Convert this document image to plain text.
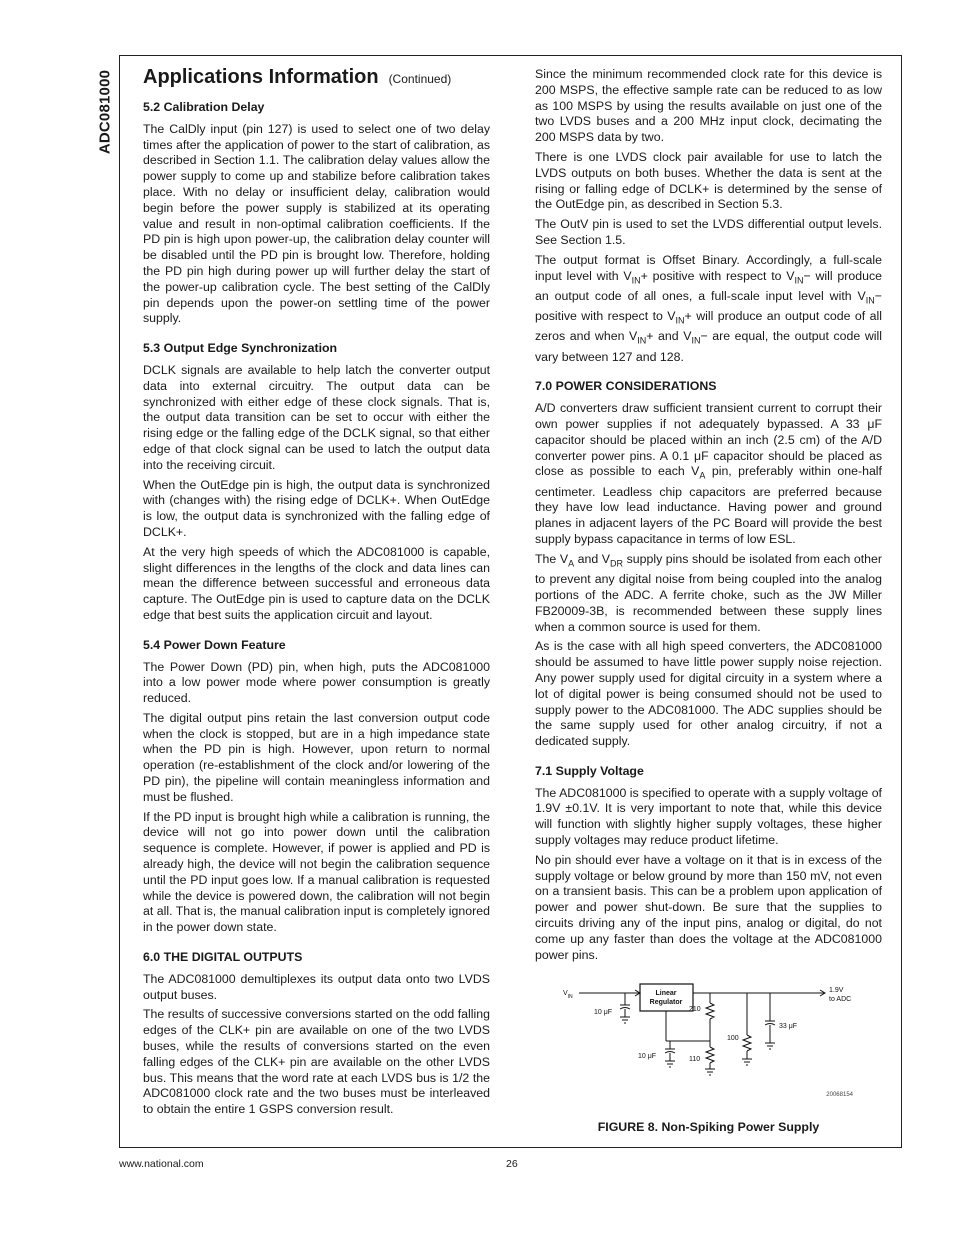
ADC081000 Applications Information (Continued)
5.2 Calibration Delay

The CalDly input (pin 127) is used to select one of two delay times after the application of power to the start of calibration, as described in Section 1.1. The calibration delay values allow the power supply to come up and stabilize before calibration takes place. With no delay or insufficient delay, calibration would begin before the power supply is stabilized at its operating value and result in non-optimal calibration coefficients. If the PD pin is high upon power-up, the calibration delay counter will be disabled until the PD pin is brought low. Therefore, holding the PD pin high during power up will further delay the start of the power-up calibration cycle. The best setting of the CalDly pin depends upon the power-on settling time of the power supply.

5.3 Output Edge Synchronization

DCLK signals are available to help latch the converter output data into external circuitry. The output data can be synchronized with either edge of these clock signals. That is, the output data transition can be set to occur with either the rising edge or the falling edge of the DCLK signal, so that either edge of that clock signal can be used to latch the output data into the receiving circuit.

When the OutEdge pin is high, the output data is synchronized with (changes with) the rising edge of DCLK+. When OutEdge is low, the output data is synchronized with the falling edge of DCLK+.

At the very high speeds of which the ADC081000 is capable, slight differences in the lengths of the clock and data lines can mean the difference between successful and erroneous data capture. The OutEdge pin is used to capture data on the DCLK edge that best suits the application circuit and layout.

5.4 Power Down Feature

The Power Down (PD) pin, when high, puts the ADC081000 into a low power mode where power consumption is greatly reduced.

The digital output pins retain the last conversion output code when the clock is stopped, but are in a high impedance state when the PD pin is high. However, upon return to normal operation (re-establishment of the clock and/or lowering of the PD pin), the pipeline will contain meaningless information and must be flushed.

If the PD input is brought high while a calibration is running, the device will not go into power down until the calibration sequence is complete. However, if power is applied and PD is already high, the device will not begin the calibration sequence until the PD input goes low. If a manual calibration is requested while the device is powered down, the calibration will not begin at all. That is, the manual calibration input is completely ignored in the power down state.

6.0 THE DIGITAL OUTPUTS

The ADC081000 demultiplexes its output data onto two LVDS output buses.

The results of successive conversions started on the odd falling edges of the CLK+ pin are available on one of the two LVDS buses, while the results of conversions started on the even falling edges of the CLK+ pin are available on the other LVDS bus. This means that the word rate at each LVDS bus is 1/2 the ADC081000 clock rate and the two buses must be interleaved to obtain the entire 1 GSPS conversion result.

Since the minimum recommended clock rate for this device is 200 MSPS, the effective sample rate can be reduced to as low as 100 MSPS by using the results available on just one of the two LVDS buses and a 200 MHz input clock, decimating the 200 MSPS data by two.

There is one LVDS clock pair available for use to latch the LVDS outputs on both buses. Whether the data is sent at the rising or falling edge of DCLK+ is determined by the sense of the OutEdge pin, as described in Section 5.3.

The OutV pin is used to set the LVDS differential output levels. See Section 1.5.

The output format is Offset Binary. Accordingly, a full-scale input level with $V_{IN}+$ positive with respect to $V_{IN}-$ will produce an output code of all ones, a full-scale input level with $V_{IN}-$ positive with respect to $V_{IN}+$ will produce an output code of all zeros and when $V_{IN}+$ and $V_{IN}-$ are equal, the output code will vary between 127 and 128.

7.0 POWER CONSIDERATIONS

A/D converters draw sufficient transient current to corrupt their own power supplies if not adequately bypassed. A 33 μF capacitor should be placed within an inch (2.5 cm) of the A/D converter power pins. A 0.1 μF capacitor should be placed as close as possible to each $V_A$ pin, preferably within one-half centimeter. Leadless chip capacitors are preferred because they have low lead inductance. Having power and ground planes in adjacent layers of the PC Board will provide the best supply bypass capacitance in terms of low ESL.

The $V_A$ and $V_{DR}$ supply pins should be isolated from each other to prevent any digital noise from being coupled into the analog portions of the ADC. A ferrite choke, such as the JW Miller FB20009-3B, is recommended between these supply lines when a common source is used for them.

As is the case with all high speed converters, the ADC081000 should be assumed to have little power supply noise rejection. Any power supply used for digital circuity in a system where a lot of digital power is being consumed should not be used to supply power to the ADC081000. The ADC supplies should be the same supply used for other analog circuitry, if not a dedicated supply.

7.1 Supply Voltage

The ADC081000 is specified to operate with a supply voltage of 1.9V ±0.1V. It is very important to note that, while this device will function with slightly higher supply voltages, these higher supply voltages may reduce product lifetime.

No pin should ever have a voltage on it that is in excess of the supply voltage or below ground by more than 150 mV, not even on a transient basis. This can be a problem upon application of power and power shut-down. Be sure that the supplies to circuits driving any of the input pins, analog or digital, do not come up any faster than does the voltage at the ADC081000 power pins.

$V_{IN}$
10 μF
Linear
Regulator
210
10 μF	110
100
33 μF
1.9V
to ADC
20068154
FIGURE 8. Non-Spiking Power Supply
www.national.com	26
